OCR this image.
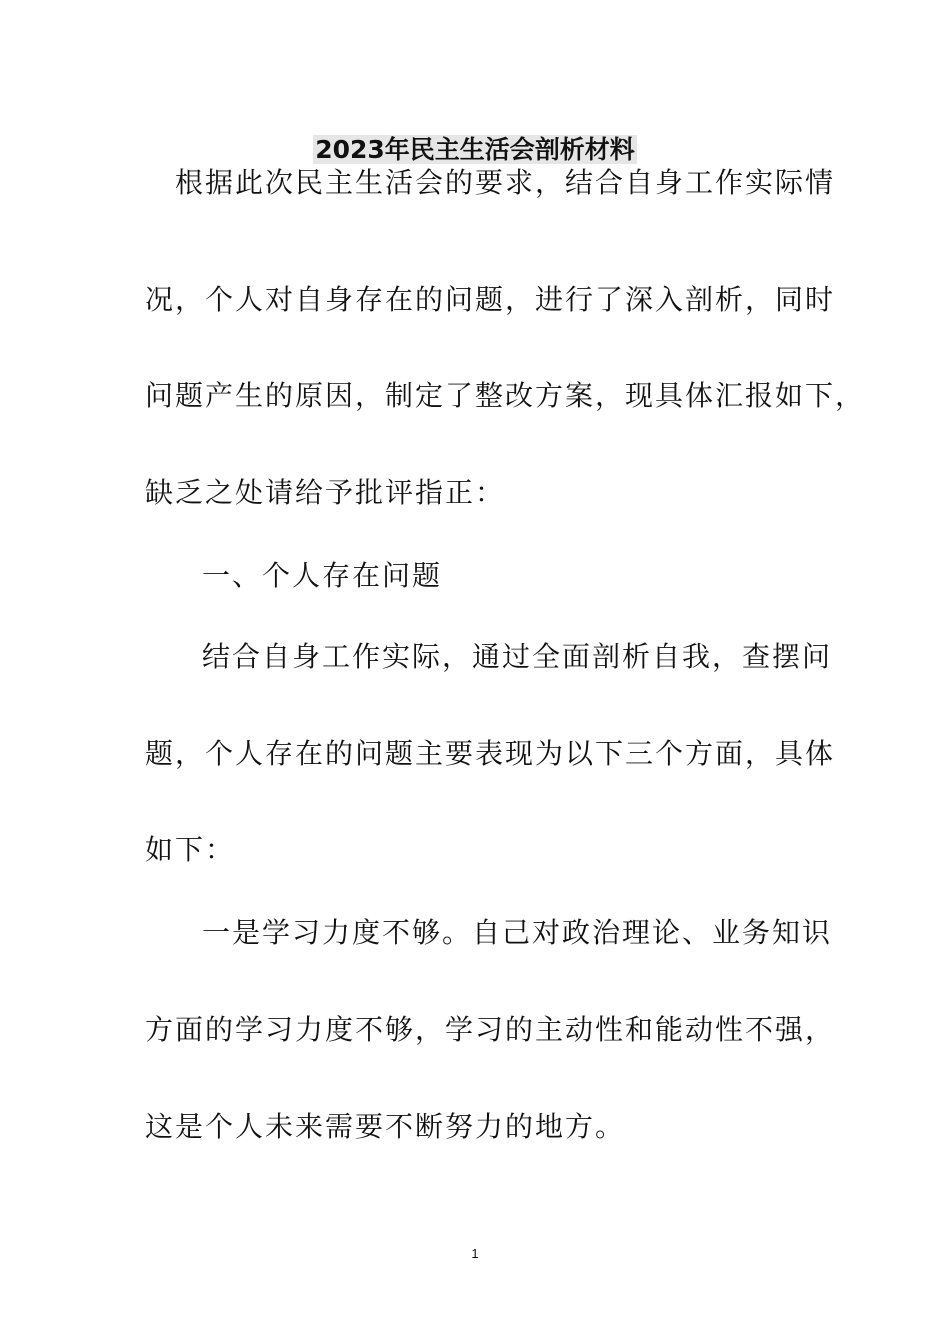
2023年民主生活会剖析材料
根据此次民主生活会的要求，结合自身工作实际情
况，个人对自身存在的问题，进行了深入剖析，同时
问题产生的原因，制定了整改方案，现具体汇报如下，
缺乏之处请给予批评指正：
一、个人存在问题
结合自身工作实际，通过全面剖析自我，查摆问
题，个人存在的问题主要表现为以下三个方面，具体
如下：
一是学习力度不够。自己对政治理论、业务知识
方面的学习力度不够，学习的主动性和能动性不强，
这是个人未来需要不断努力的地方。
1
